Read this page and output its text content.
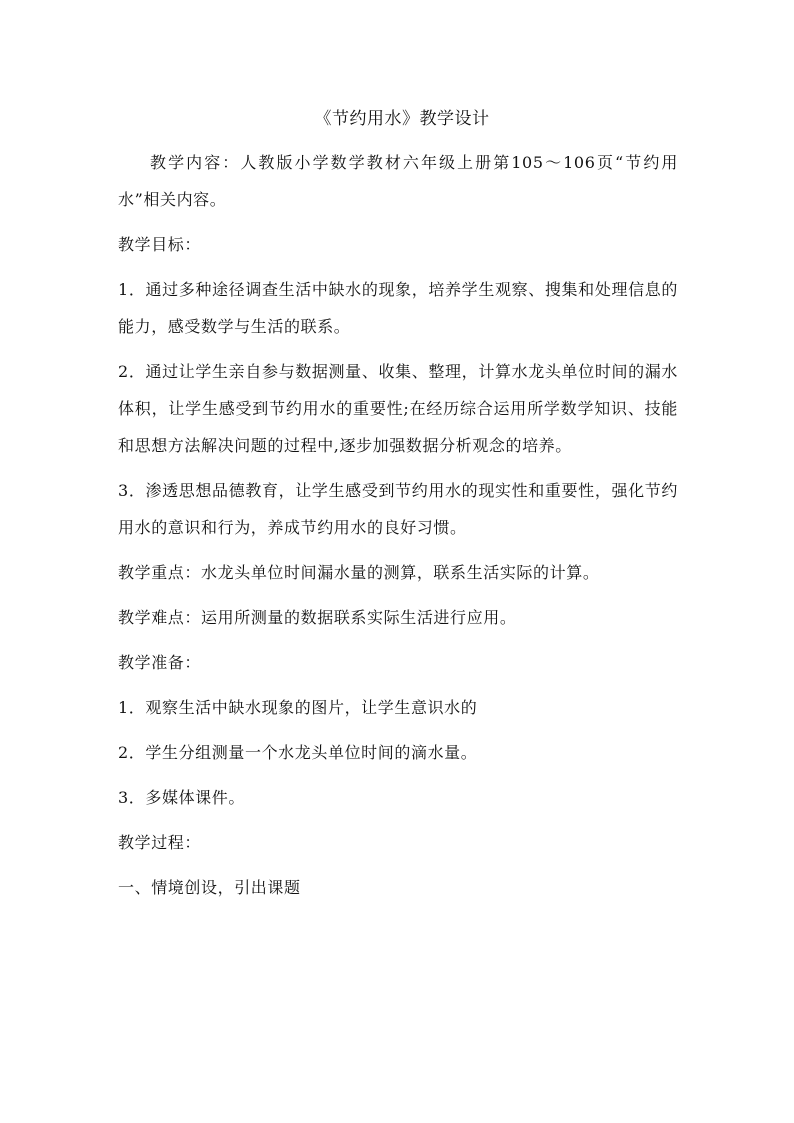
《节约用水》教学设计

教学内容：人教版小学数学教材六年级上册第105～106页“节约用水”相关内容。

教学目标：

1．通过多种途径调查生活中缺水的现象，培养学生观察、搜集和处理信息的能力，感受数学与生活的联系。

2．通过让学生亲自参与数据测量、收集、整理，计算水龙头单位时间的漏水体积，让学生感受到节约用水的重要性;在经历综合运用所学数学知识、技能和思想方法解决问题的过程中,逐步加强数据分析观念的培养。

3．渗透思想品德教育，让学生感受到节约用水的现实性和重要性，强化节约用水的意识和行为，养成节约用水的良好习惯。

教学重点：水龙头单位时间漏水量的测算，联系生活实际的计算。

教学难点：运用所测量的数据联系实际生活进行应用。

教学准备：

1．观察生活中缺水现象的图片，让学生意识水的

2．学生分组测量一个水龙头单位时间的滴水量。

3．多媒体课件。

教学过程：

一、情境创设，引出课题
